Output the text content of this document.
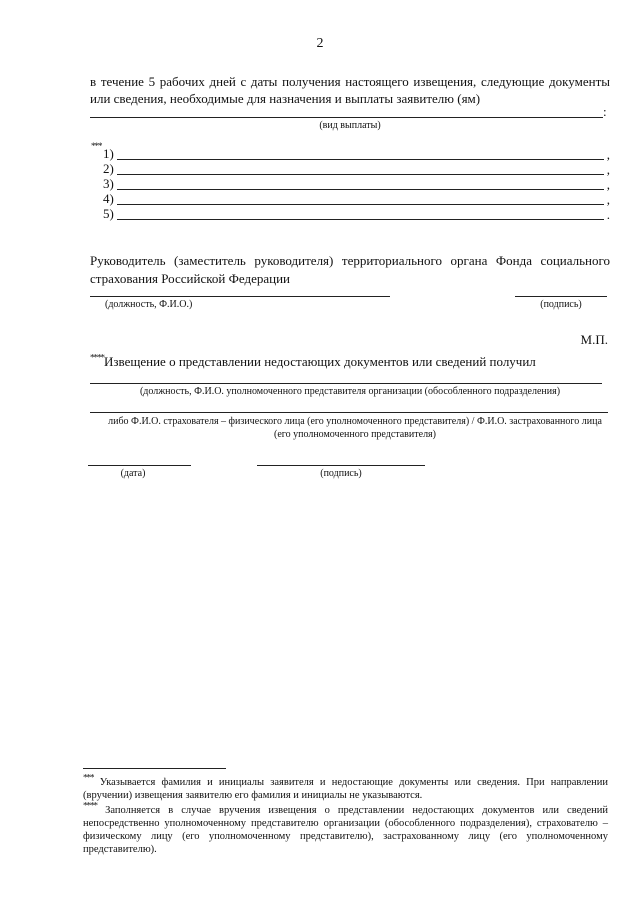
2
в течение 5 рабочих дней с даты получения настоящего извещения, следующие документы или сведения, необходимые для назначения и выплаты заявителю (ям)
:
(вид выплаты)
*** 1)	,
2)	,
3)	,
4)	,
5)	.
Руководитель (заместитель руководителя) территориального органа Фонда социального страхования Российской Федерации
(должность, Ф.И.О.)	(подпись)
М.П.
****Извещение о представлении недостающих документов или сведений получил
(должность, Ф.И.О. уполномоченного представителя организации (обособленного подразделения)
либо Ф.И.О. страхователя – физического лица (его уполномоченного представителя) / Ф.И.О. застрахованного лица (его уполномоченного представителя)
(дата)	(подпись)
*** Указывается фамилия и инициалы заявителя и недостающие документы или сведения. При направлении (вручении) извещения заявителю его фамилия и инициалы не указываются.
**** Заполняется в случае вручения извещения о представлении недостающих документов или сведений непосредственно уполномоченному представителю организации (обособленного подразделения), страхователю – физическому лицу (его уполномоченному представителю), застрахованному лицу (его уполномоченному представителю).
